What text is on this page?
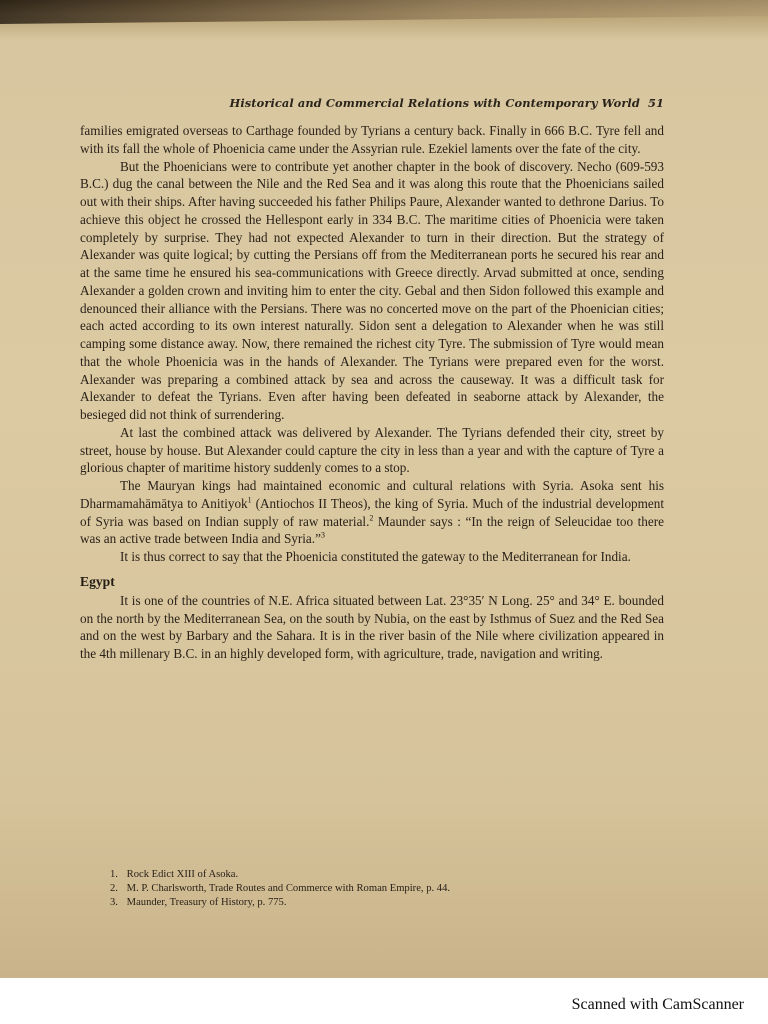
Historical and Commercial Relations with Contemporary World 51

families emigrated overseas to Carthage founded by Tyrians a century back. Finally in 666 B.C. Tyre fell and with its fall the whole of Phoenicia came under the Assyrian rule. Ezekiel laments over the fate of the city.

But the Phoenicians were to contribute yet another chapter in the book of discovery. Necho (609-593 B.C.) dug the canal between the Nile and the Red Sea and it was along this route that the Phoenicians sailed out with their ships. After having succeeded his father Philips Paure, Alexander wanted to dethrone Darius. To achieve this object he crossed the Hellespont early in 334 B.C. The maritime cities of Phoenicia were taken completely by surprise. They had not expected Alexander to turn in their direction. But the strategy of Alexander was quite logical; by cutting the Persians off from the Mediterranean ports he secured his rear and at the same time he ensured his sea-communications with Greece directly. Arvad submitted at once, sending Alexander a golden crown and inviting him to enter the city. Gebal and then Sidon followed this example and denounced their alliance with the Persians. There was no concerted move on the part of the Phoenician cities; each acted according to its own interest naturally. Sidon sent a delegation to Alexander when he was still camping some distance away. Now, there remained the richest city Tyre. The submission of Tyre would mean that the whole Phoenicia was in the hands of Alexander. The Tyrians were prepared even for the worst. Alexander was preparing a combined attack by sea and across the causeway. It was a difficult task for Alexander to defeat the Tyrians. Even after having been defeated in seaborne attack by Alexander, the besieged did not think of surrendering.

At last the combined attack was delivered by Alexander. The Tyrians defended their city, street by street, house by house. But Alexander could capture the city in less than a year and with the capture of Tyre a glorious chapter of maritime history suddenly comes to a stop.

The Mauryan kings had maintained economic and cultural relations with Syria. Asoka sent his Dharmamahāmātya to Anitiyok$^1$ (Antiochos II Theos), the king of Syria. Much of the industrial development of Syria was based on Indian supply of raw material.$^2$ Maunder says : “In the reign of Seleucidae too there was an active trade between India and Syria.”$^3$

It is thus correct to say that the Phoenicia constituted the gateway to the Mediterranean for India.

Egypt

It is one of the countries of N.E. Africa situated between Lat. 23°35′ N Long. 25° and 34° E. bounded on the north by the Mediterranean Sea, on the south by Nubia, on the east by Isthmus of Suez and the Red Sea and on the west by Barbary and the Sahara. It is in the river basin of the Nile where civilization appeared in the 4th millenary B.C. in an highly developed form, with agriculture, trade, navigation and writing.

1. Rock Edict XIII of Asoka.
2. M. P. Charlsworth, Trade Routes and Commerce with Roman Empire, p. 44.
3. Maunder, Treasury of History, p. 775.
Scanned with CamScanner
